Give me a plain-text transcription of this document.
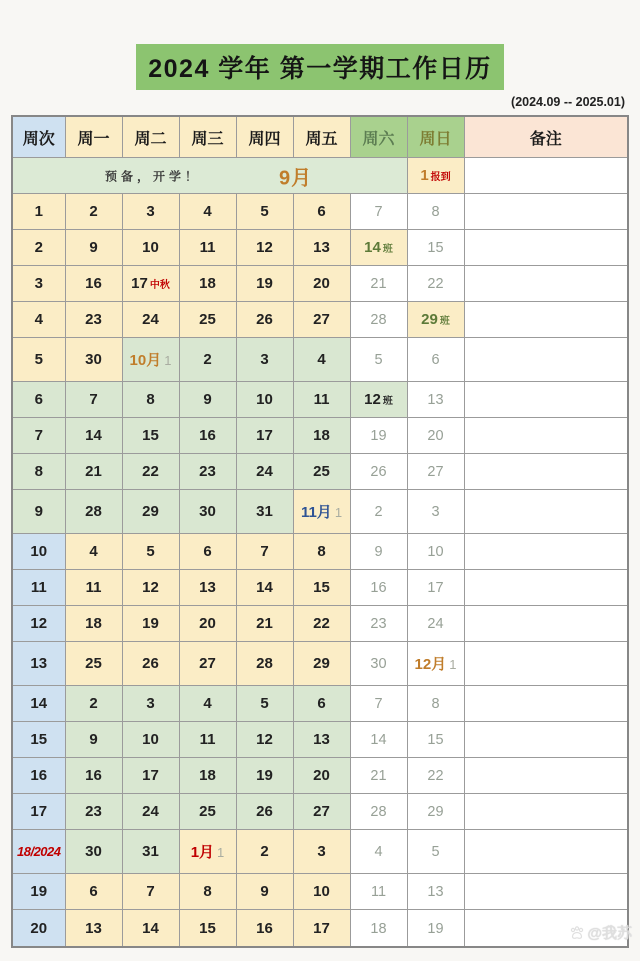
2024 学年 第一学期工作日历
(2024.09 -- 2025.01)
周次	周一	周二	周三	周四	周五	周六	周日	备注

预备，开学！ 9月							1 报到	
1	2	3	4	5	6	7	8	
2	9	10	11	12	13	14 班	15	
3	16	17 中秋	18	19	20	21	22	
4	23	24	25	26	27	28	29 班	
5	30	10月 1	2	3	4	5	6	
6	7	8	9	10	11	12 班	13	
7	14	15	16	17	18	19	20	
8	21	22	23	24	25	26	27	
9	28	29	30	31	11月 1	2	3	
10	4	5	6	7	8	9	10	
11	11	12	13	14	15	16	17	
12	18	19	20	21	22	23	24	
13	25	26	27	28	29	30	12月 1	
14	2	3	4	5	6	7	8	
15	9	10	11	12	13	14	15	
16	16	17	18	19	20	21	22	
17	23	24	25	26	27	28	29	
18/2024	30	31	1月 1	2	3	4	5	
19	6	7	8	9	10	11	13	
20	13	14	15	16	17	18	19		@我苏
